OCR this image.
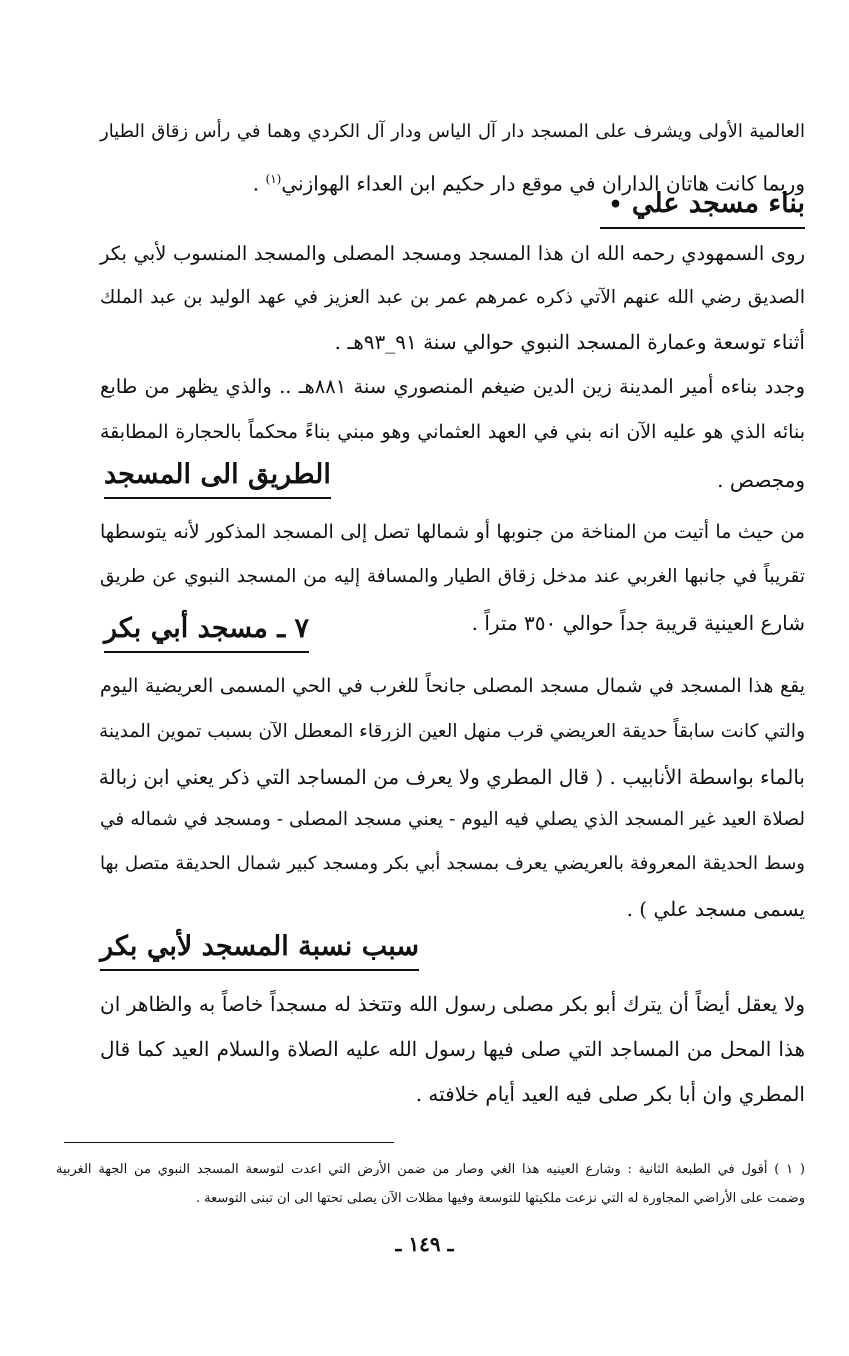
العالمية الأولى ويشرف على المسجد دار آل الياس ودار آل الكردي وهما في رأس زقاق الطيار
وربما كانت هاتان الداران في موقع دار حكيم ابن العداء الهوازني$^{(١)}$ .
بناء مسجد علي •
روى السمهودي رحمه الله ان هذا المسجد ومسجد المصلى والمسجد المنسوب لأبي بكر
الصديق رضي الله عنهم الآتي ذكره عمرهم عمر بن عبد العزيز في عهد الوليد بن عبد الملك
أثناء توسعة وعمارة المسجد النبوي حوالي سنة ٩١_٩٣هـ .
وجدد بناءه أمير المدينة زين الدين ضيغم المنصوري سنة ٨٨١هـ .. والذي يظهر من طابع
بنائه الذي هو عليه الآن انه بني في العهد العثماني وهو مبني بناءً محكماً بالحجارة المطابقة
ومجصص .
الطريق الى المسجد
من حيث ما أتيت من المناخة من جنوبها أو شمالها تصل إلى المسجد المذكور لأنه يتوسطها
تقريباً في جانبها الغربي عند مدخل زقاق الطيار والمسافة إليه من المسجد النبوي عن طريق
شارع العينية قريبة جداً حوالي ٣٥٠ متراً .
٧ ـ مسجد أبي بكر
يقع هذا المسجد في شمال مسجد المصلى جانحاً للغرب في الحي المسمى العريضية اليوم
والتي كانت سابقاً حديقة العريضي قرب منهل العين الزرقاء المعطل الآن بسبب تموين المدينة
بالماء بواسطة الأنابيب . ( قال المطري ولا يعرف من المساجد التي ذكر يعني ابن زبالة
لصلاة العيد غير المسجد الذي يصلي فيه اليوم - يعني مسجد المصلى - ومسجد في شماله في
وسط الحديقة المعروفة بالعريضي يعرف بمسجد أبي بكر ومسجد كبير شمال الحديقة متصل بها
يسمى مسجد علي ) .
سبب نسبة المسجد لأبي بكر
ولا يعقل أيضاً أن يترك أبو بكر مصلى رسول الله وتتخذ له مسجداً خاصاً به والظاهر ان
هذا المحل من المساجد التي صلى فيها رسول الله عليه الصلاة والسلام العيد كما قال
المطري وان أبا بكر صلى فيه العيد أيام خلافته .
( ١ ) أقول في الطبعة الثانية : وشارع العينيه هذا الغي وصار من ضمن الأرض التي اعدت لتوسعة المسجد النبوي من الجهة الغربية
وضمت على الأراضي المجاورة له التي نزعت ملكيتها للتوسعة وفيها مظلات الآن يصلى تحتها الى ان تبنى التوسعة .
ـ ١٤٩ ـ
